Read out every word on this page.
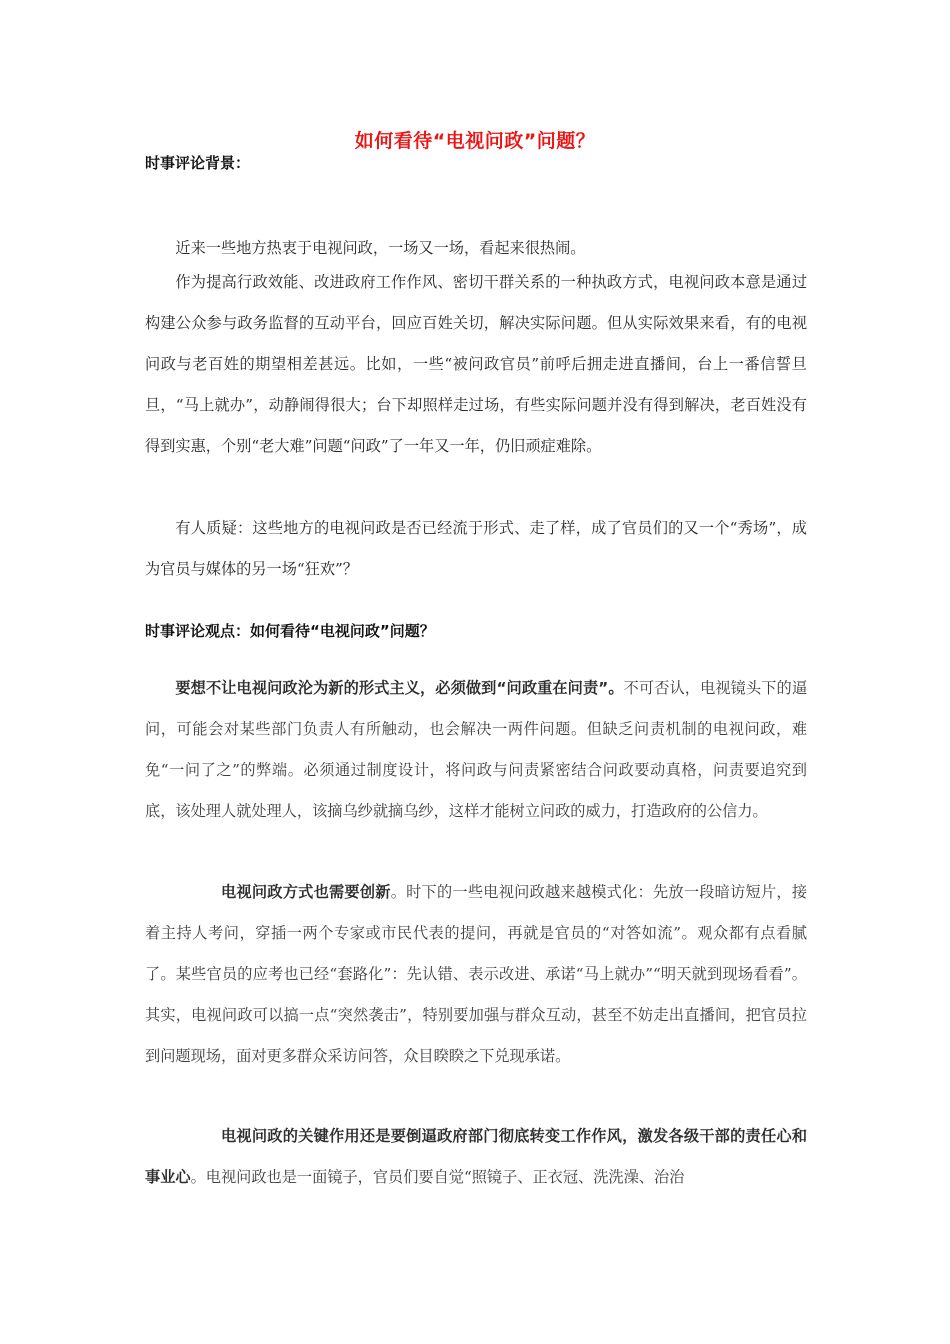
如何看待“电视问政”问题？
时事评论背景：

近来一些地方热衷于电视问政，一场又一场，看起来很热闹。

作为提高行政效能、改进政府工作作风、密切干群关系的一种执政方式，电视问政本意是通过构建公众参与政务监督的互动平台，回应百姓关切，解决实际问题。但从实际效果来看，有的电视问政与老百姓的期望相差甚远。比如，一些“被问政官员”前呼后拥走进直播间，台上一番信誓旦旦，“马上就办”，动静闹得很大；台下却照样走过场，有些实际问题并没有得到解决，老百姓没有得到实惠，个别“老大难”问题“问政”了一年又一年，仍旧顽症难除。

有人质疑：这些地方的电视问政是否已经流于形式、走了样，成了官员们的又一个“秀场”，成为官员与媒体的另一场“狂欢”？

时事评论观点：如何看待“电视问政”问题？

要想不让电视问政沦为新的形式主义，必须做到“问政重在问责”。不可否认，电视镜头下的逼问，可能会对某些部门负责人有所触动，也会解决一两件问题。但缺乏问责机制的电视问政，难免“一问了之”的弊端。必须通过制度设计，将问政与问责紧密结合问政要动真格，问责要追究到底，该处理人就处理人，该摘乌纱就摘乌纱，这样才能树立问政的威力，打造政府的公信力。

电视问政方式也需要创新。时下的一些电视问政越来越模式化：先放一段暗访短片，接着主持人考问，穿插一两个专家或市民代表的提问，再就是官员的“对答如流”。观众都有点看腻了。某些官员的应考也已经“套路化”：先认错、表示改进、承诺“马上就办”“明天就到现场看看”。其实，电视问政可以搞一点“突然袭击”，特别要加强与群众互动，甚至不妨走出直播间，把官员拉到问题现场，面对更多群众采访问答，众目睽睽之下兑现承诺。

电视问政的关键作用还是要倒逼政府部门彻底转变工作作风，激发各级干部的责任心和事业心。电视问政也是一面镜子，官员们要自觉“照镜子、正衣冠、洗洗澡、治治
